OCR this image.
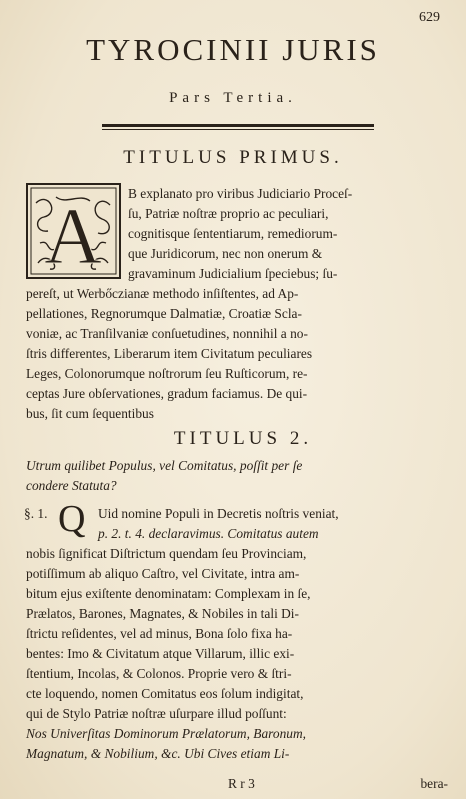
629
TYROCINII JURIS
Pars Tertia.
TITULUS PRIMUS.
A B explanato pro viribus Judiciario Proceſ-
ſu, Patriæ noſtræ proprio ac peculiari,
cognitisque ſententiarum, remediorum-
que Juridicorum, nec non onerum &
gravaminum Judicialium ſpeciebus; ſu-
pereſt, ut Werbőczianæ methodo inſiſtentes, ad Ap-
pellationes, Regnorumque Dalmatiæ, Croatiæ Scla-
voniæ, ac Tranſilvaniæ conſuetudines, nonnihil a no-
ſtris differentes, Liberarum item Civitatum peculiares
Leges, Colonorumque noſtrorum ſeu Ruſticorum, re-
ceptas Jure obſervationes, gradum faciamus. De qui-
bus, ſit cum ſequentibus
TITULUS 2.
Utrum quilibet Populus, vel Comitatus, poſſit per ſe
condere Statuta?
§. 1. Q Uid nomine Populi in Decretis noſtris veniat,
p. 2. t. 4. declaravimus. Comitatus autem
nobis ſignificat Diſtrictum quendam ſeu Provinciam,
potiſſimum ab aliquo Caſtro, vel Civitate, intra am-
bitum ejus exiſtente denominatam: Complexam in ſe,
Prælatos, Barones, Magnates, & Nobiles in tali Di-
ſtrictu reſidentes, vel ad minus, Bona ſolo fixa ha-
bentes: Imo & Civitatum atque Villarum, illic exi-
ſtentium, Incolas, & Colonos. Proprie vero & ſtri-
cte loquendo, nomen Comitatus eos ſolum indigitat,
qui de Stylo Patriæ noſtræ uſurpare illud poſſunt:
Nos Univerſitas Dominorum Prælatorum, Baronum,
Magnatum, & Nobilium, &c. Ubi Cives etiam Li-
R r 3	bera-
